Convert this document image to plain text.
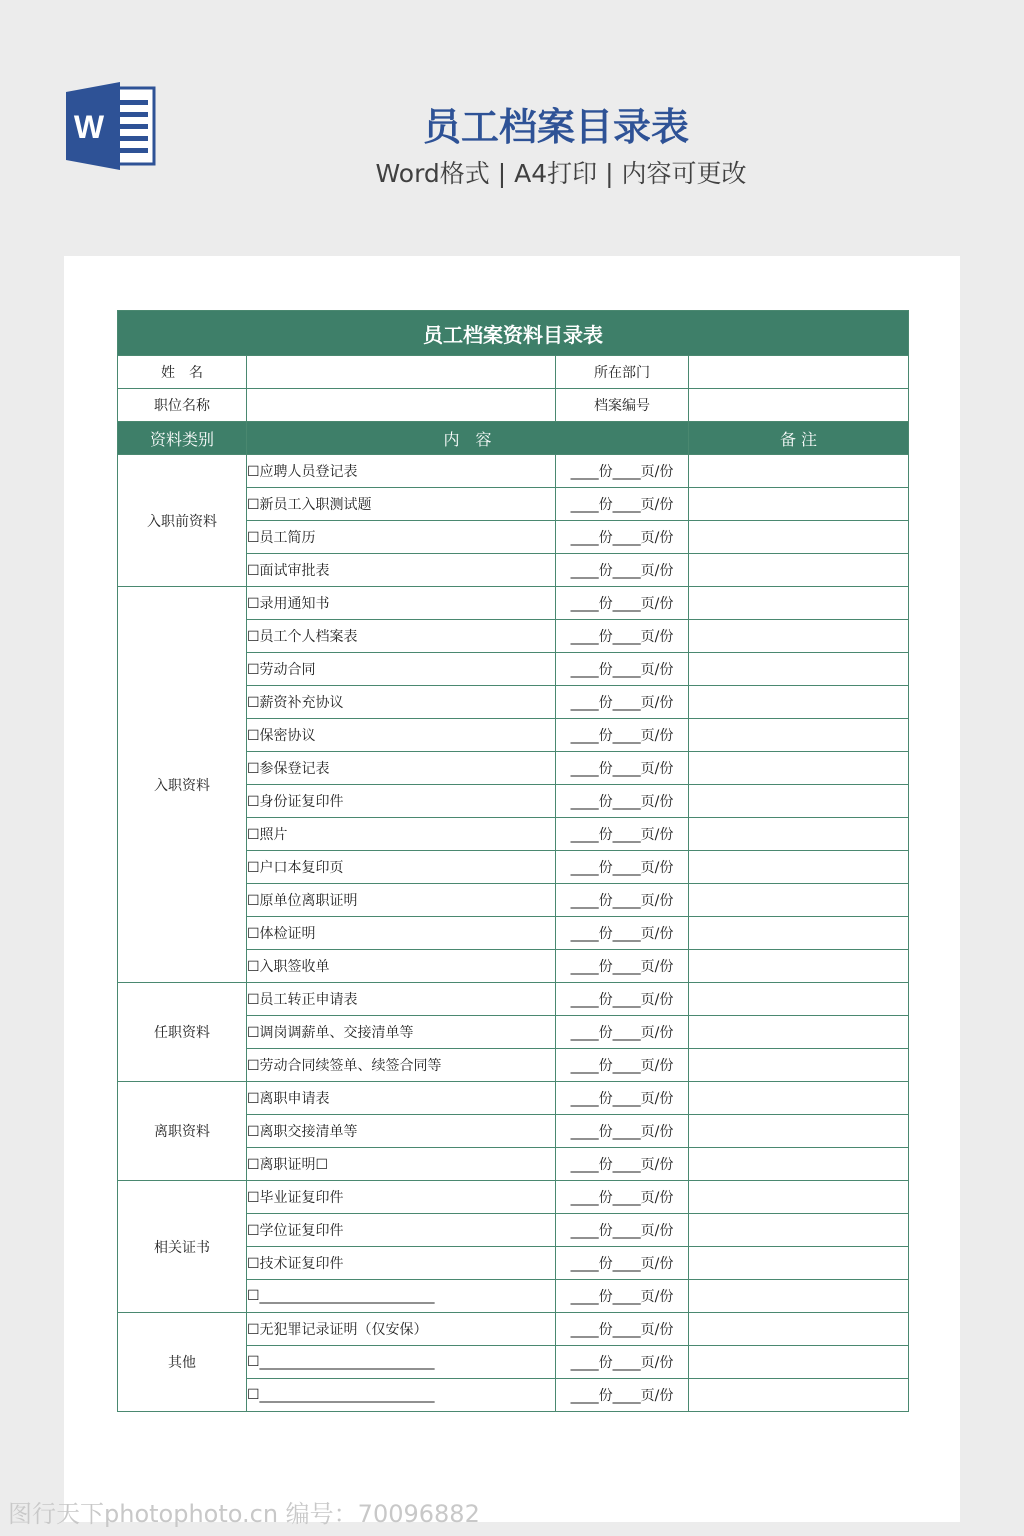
W	员工档案目录表
Word格式 | A4打印 | 内容可更改
员工档案资料目录表			
姓　名		所在部门	
职位名称		档案编号	
资料类别	内　容		备 注
入职前资料	☐应聘人员登记表	____份____页/份	
	☐新员工入职测试题	____份____页/份	
	☐员工简历	____份____页/份	
	☐面试审批表	____份____页/份	
入职资料	☐录用通知书	____份____页/份	
	☐员工个人档案表	____份____页/份	
	☐劳动合同	____份____页/份	
	☐薪资补充协议	____份____页/份	
	☐保密协议	____份____页/份	
	☐参保登记表	____份____页/份	
	☐身份证复印件	____份____页/份	
	☐照片	____份____页/份	
	☐户口本复印页	____份____页/份	
	☐原单位离职证明	____份____页/份	
	☐体检证明	____份____页/份	
	☐入职签收单	____份____页/份	
任职资料	☐员工转正申请表	____份____页/份	
	☐调岗调薪单、交接清单等	____份____页/份	
	☐劳动合同续签单、续签合同等	____份____页/份	
离职资料	☐离职申请表	____份____页/份	
	☐离职交接清单等	____份____页/份	
	☐离职证明☐	____份____页/份	
相关证书	☐毕业证复印件	____份____页/份	
	☐学位证复印件	____份____页/份	
	☐技术证复印件	____份____页/份	
	☐_________________________	____份____页/份	
其他	☐无犯罪记录证明（仅安保）	____份____页/份	
	☐_________________________	____份____页/份	
	☐_________________________	____份____页/份	
图行天下photophoto.cn 编号：70096882
